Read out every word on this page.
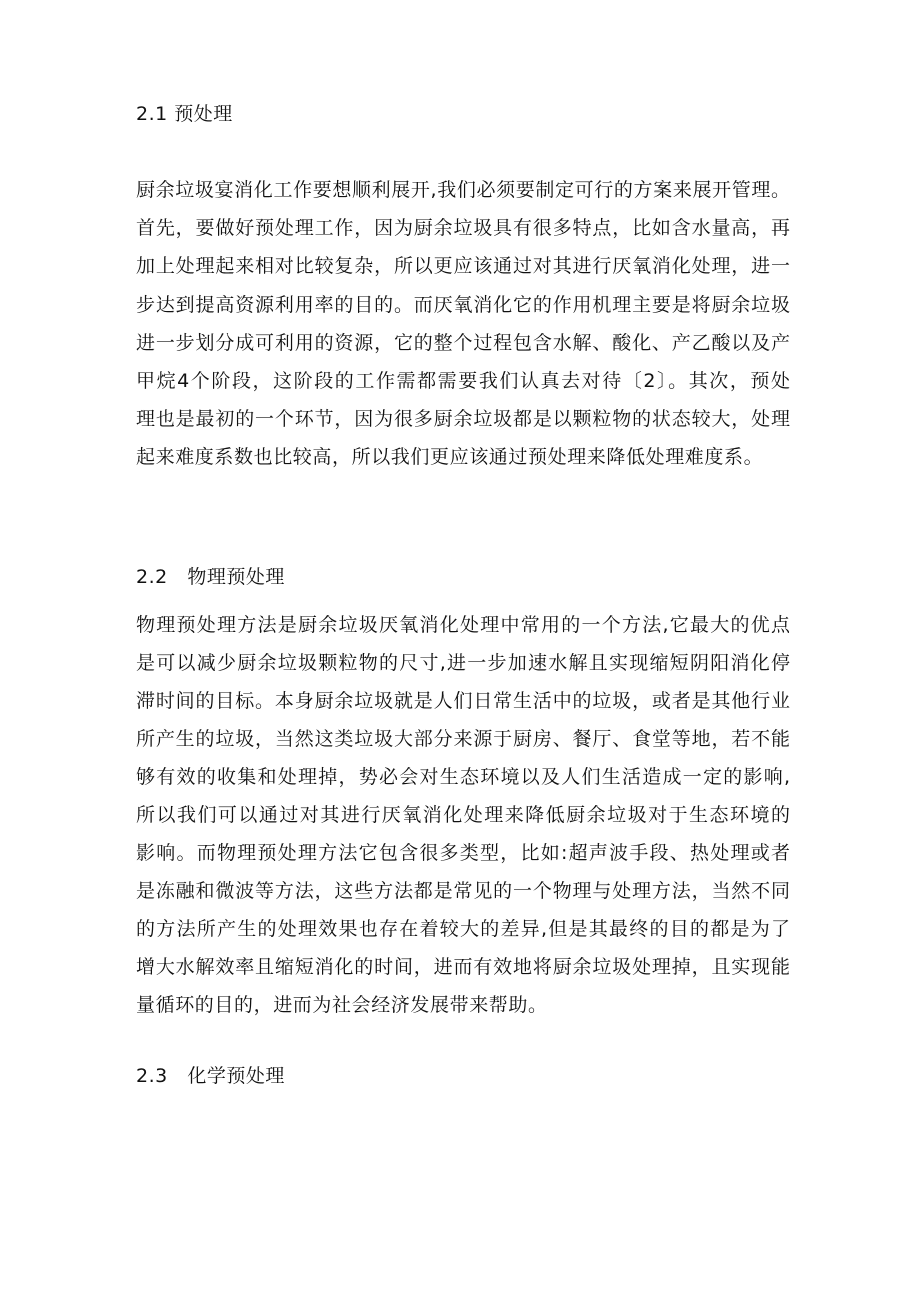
2.1 预处理
厨余垃圾宴消化工作要想顺利展开,我们必须要制定可行的方案来展开管理。
首先，要做好预处理工作，因为厨余垃圾具有很多特点，比如含水量高，再
加上处理起来相对比较复杂，所以更应该通过对其进行厌氧消化处理，进一
步达到提高资源利用率的目的。而厌氧消化它的作用机理主要是将厨余垃圾
进一步划分成可利用的资源，它的整个过程包含水解、酸化、产乙酸以及产
甲烷4个阶段，这阶段的工作需都需要我们认真去对待〔2〕。其次，预处
理也是最初的一个环节，因为很多厨余垃圾都是以颗粒物的状态较大，处理
起来难度系数也比较高，所以我们更应该通过预处理来降低处理难度系。
2.2   物理预处理
物理预处理方法是厨余垃圾厌氧消化处理中常用的一个方法,它最大的优点
是可以减少厨余垃圾颗粒物的尺寸,进一步加速水解且实现缩短阴阳消化停
滞时间的目标。本身厨余垃圾就是人们日常生活中的垃圾，或者是其他行业
所产生的垃圾，当然这类垃圾大部分来源于厨房、餐厅、食堂等地，若不能
够有效的收集和处理掉，势必会对生态环境以及人们生活造成一定的影响,
所以我们可以通过对其进行厌氧消化处理来降低厨余垃圾对于生态环境的
影响。而物理预处理方法它包含很多类型，比如:超声波手段、热处理或者
是冻融和微波等方法，这些方法都是常见的一个物理与处理方法，当然不同
的方法所产生的处理效果也存在着较大的差异,但是其最终的目的都是为了
增大水解效率且缩短消化的时间，进而有效地将厨余垃圾处理掉，且实现能
量循环的目的，进而为社会经济发展带来帮助。
2.3   化学预处理
